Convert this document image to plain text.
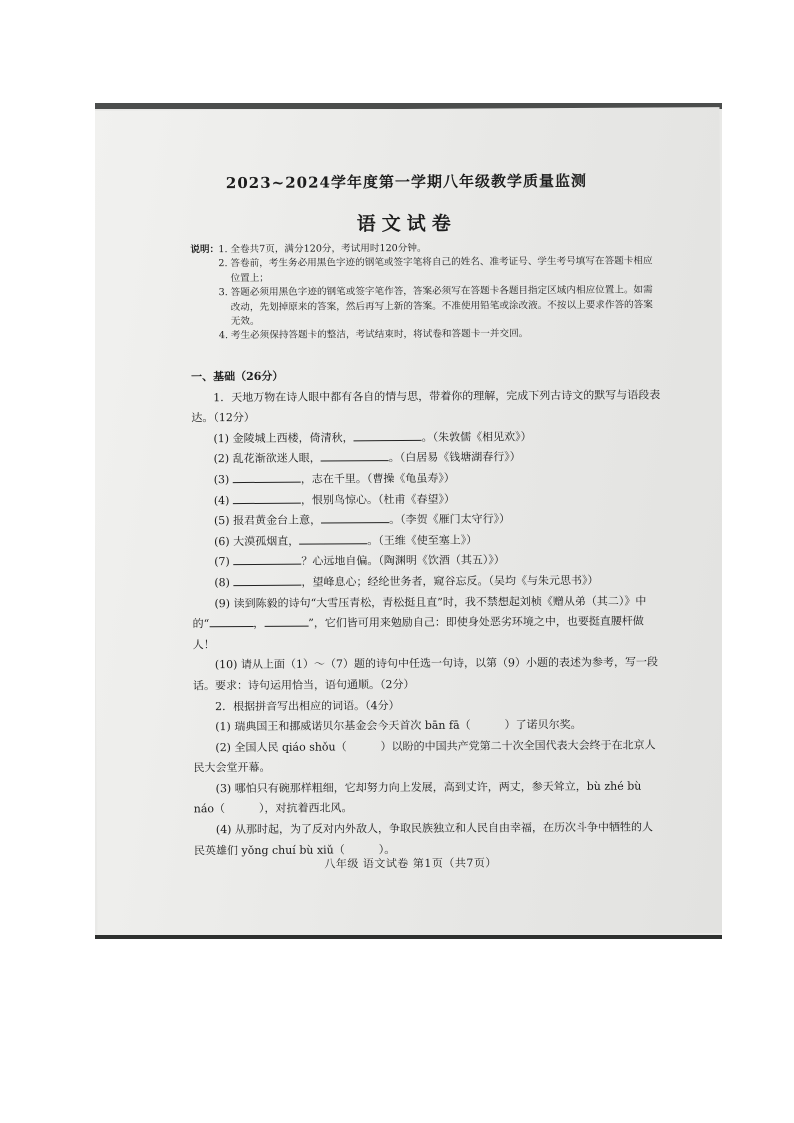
2023~2024学年度第一学期八年级教学质量监测
语文试卷
说明： 1. 全卷共7页，满分120分，考试用时120分钟。
2. 答卷前，考生务必用黑色字迹的钢笔或签字笔将自己的姓名、准考证号、学生考号填写在答题卡相应位置上；
3. 答题必须用黑色字迹的钢笔或签字笔作答，答案必须写在答题卡各题目指定区域内相应位置上。如需改动，先划掉原来的答案，然后再写上新的答案。不准使用铅笔或涂改液。不按以上要求作答的答案无效。
4. 考生必须保持答题卡的整洁，考试结束时，将试卷和答题卡一并交回。
一、基础（26分）
1．天地万物在诗人眼中都有各自的情与思，带着你的理解，完成下列古诗文的默写与语段表达。（12分）
(1) 金陵城上西楼，倚清秋，	。（朱敦儒《相见欢》）
(2) 乱花渐欲迷人眼，	。（白居易《钱塘湖春行》）
(3)	，志在千里。（曹操《龟虽寿》）
(4)	，恨别鸟惊心。（杜甫《春望》）
(5) 报君黄金台上意，	。（李贺《雁门太守行》）
(6) 大漠孤烟直，	。（王维《使至塞上》）
(7)	？心远地自偏。（陶渊明《饮酒（其五）》）
(8)	，望峰息心；经纶世务者，窥谷忘反。（吴均《与朱元思书》）
(9) 读到陈毅的诗句“大雪压青松，青松挺且直”时，我不禁想起刘桢《赠从弟（其二）》中的“	，	”，它们皆可用来勉励自己：即使身处恶劣环境之中，也要挺直腰杆做人！
(10) 请从上面（1）～（7）题的诗句中任选一句诗，以第（9）小题的表述为参考，写一段话。要求：诗句运用恰当，语句通顺。（2分）
2．根据拼音写出相应的词语。（4分）
(1) 瑞典国王和挪威诺贝尔基金会今天首次 bān fā（	）了诺贝尔奖。
(2) 全国人民 qiáo shǒu（	）以盼的中国共产党第二十次全国代表大会终于在北京人民大会堂开幕。
(3) 哪怕只有碗那样粗细，它却努力向上发展，高到丈许，两丈，参天耸立，bù zhé bù náo（	），对抗着西北风。
(4) 从那时起，为了反对内外敌人，争取民族独立和人民自由幸福，在历次斗争中牺牲的人民英雄们 yǒng chuí bù xiǔ（	）。
八年级 语文试卷 第1页（共7页）
